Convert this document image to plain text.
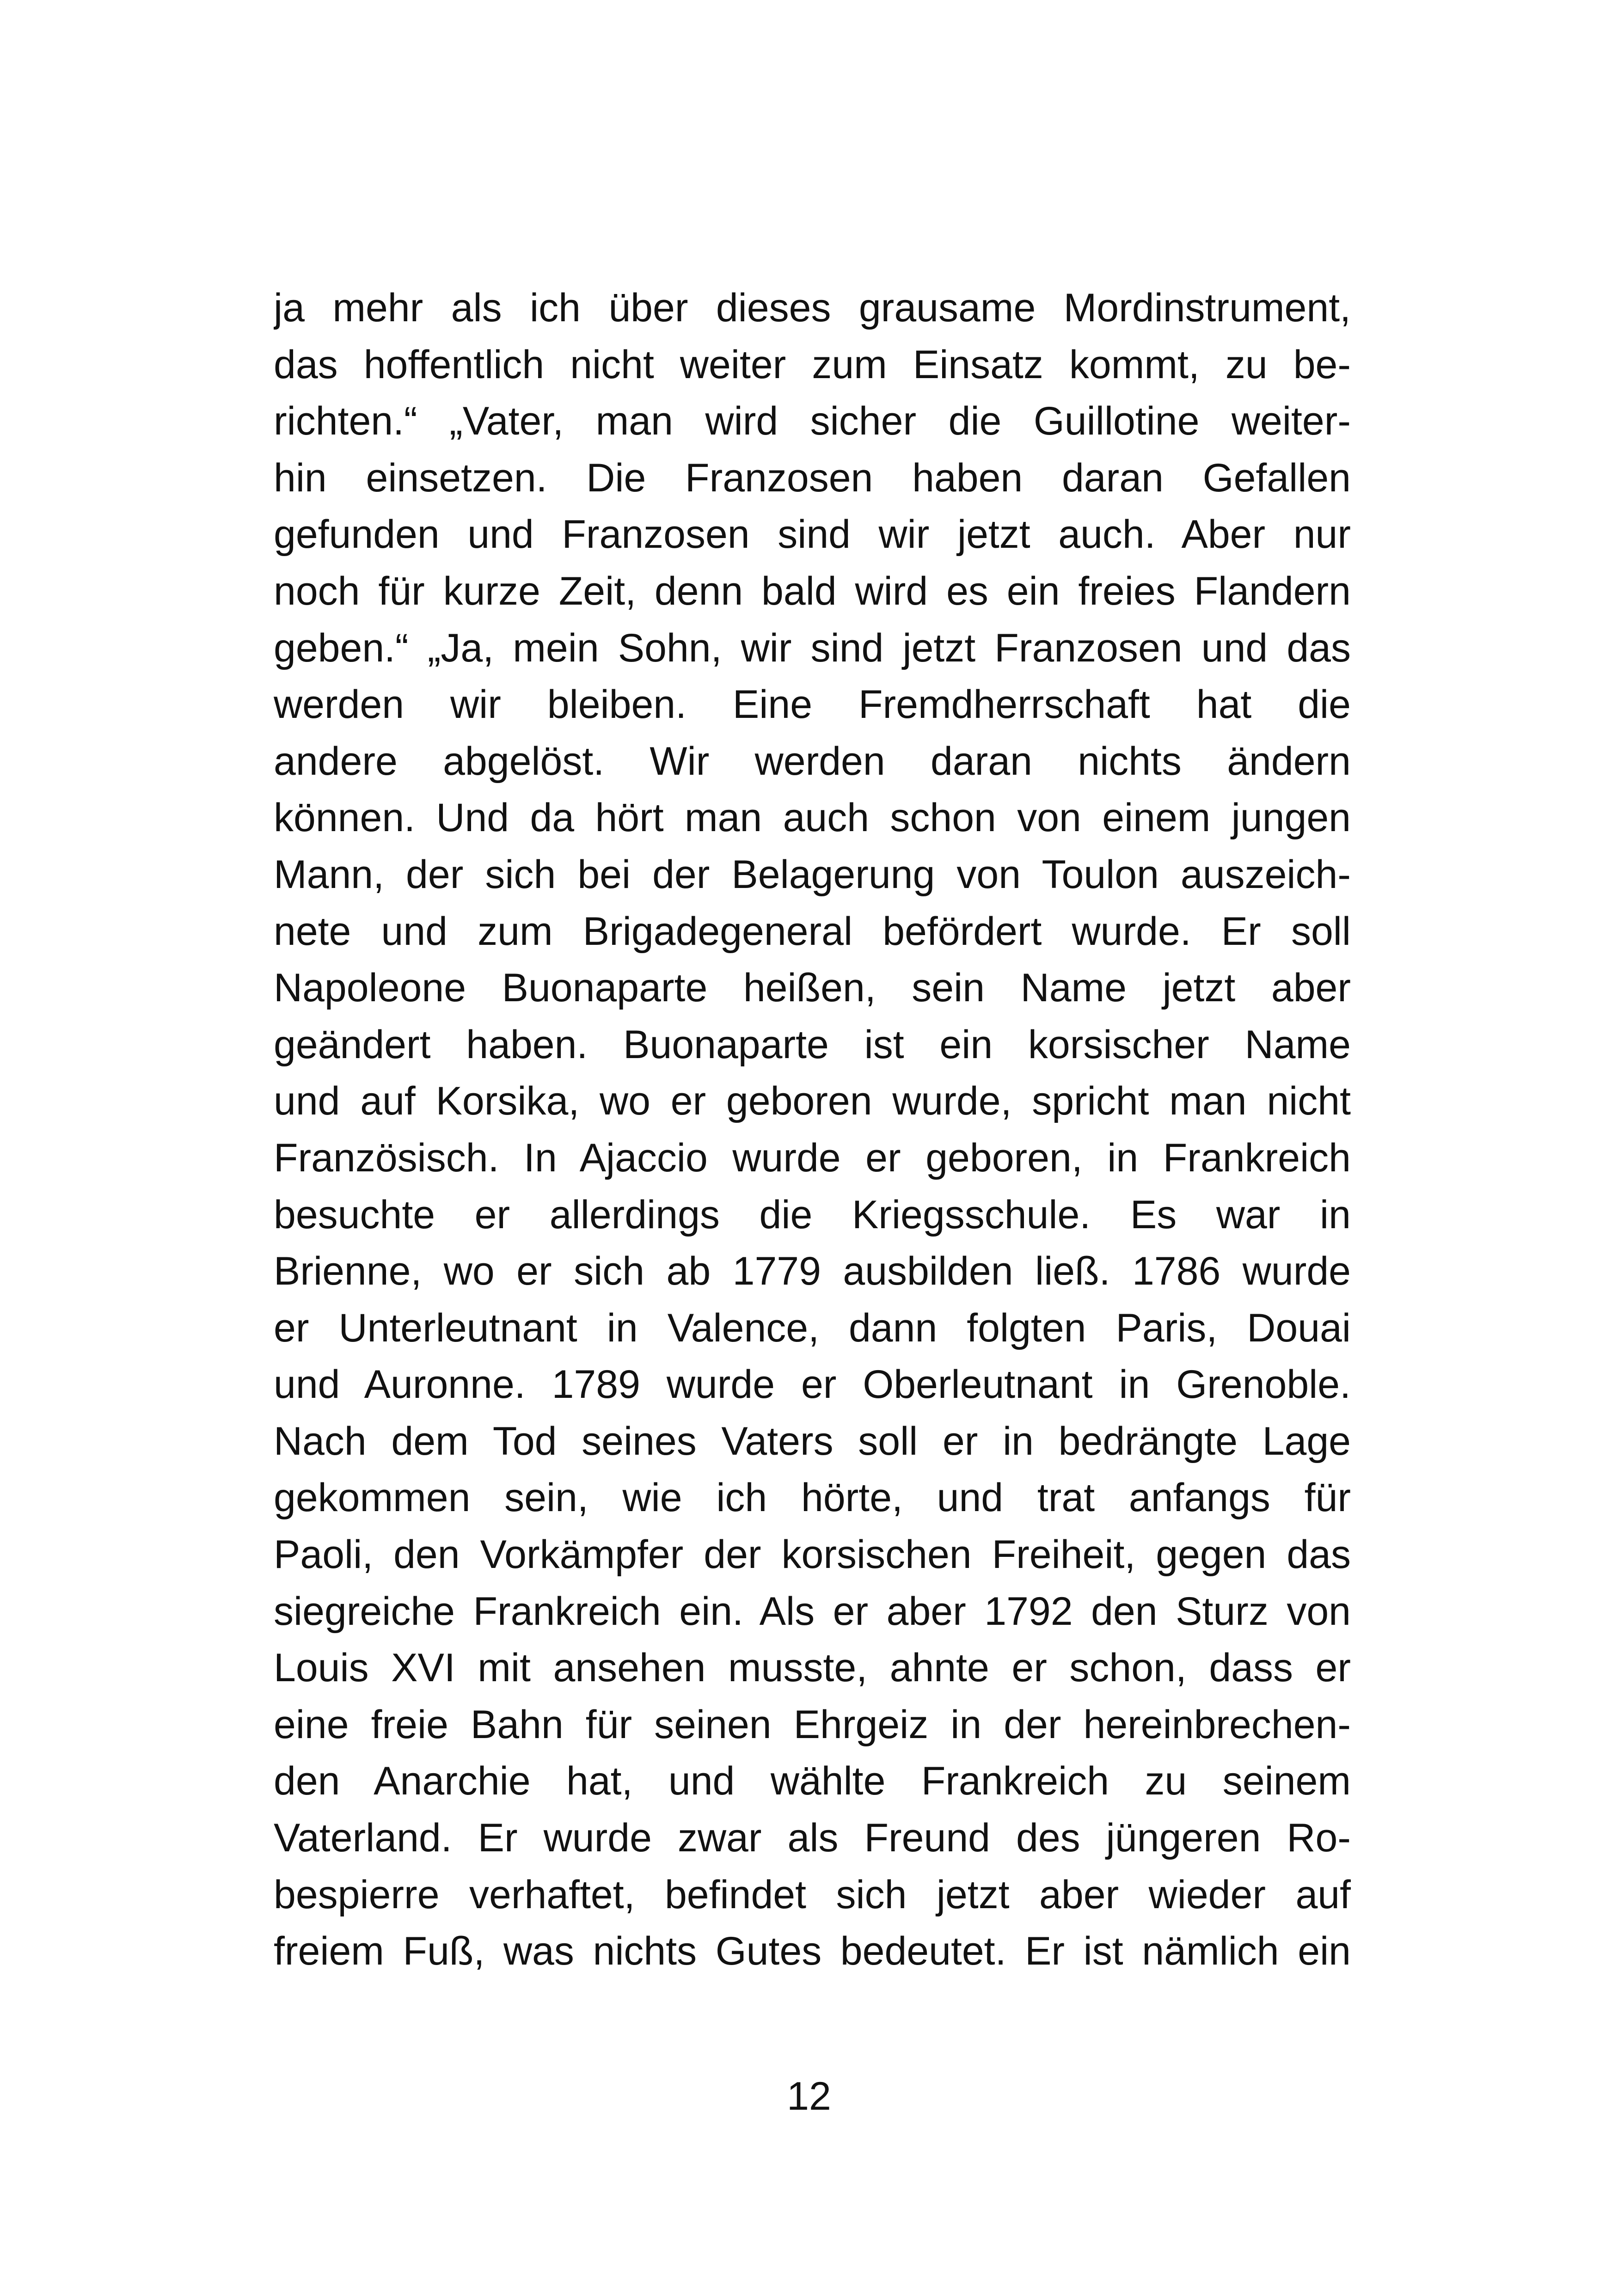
ja mehr als ich über dieses grausame Mordinstrument,
das hoffentlich nicht weiter zum Einsatz kommt, zu be-
richten.“ „Vater, man wird sicher die Guillotine weiter-
hin einsetzen. Die Franzosen haben daran Gefallen
gefunden und Franzosen sind wir jetzt auch. Aber nur
noch für kurze Zeit, denn bald wird es ein freies Flandern
geben.“ „Ja, mein Sohn, wir sind jetzt Franzosen und das
werden wir bleiben. Eine Fremdherrschaft hat die
andere abgelöst. Wir werden daran nichts ändern
können. Und da hört man auch schon von einem jungen
Mann, der sich bei der Belagerung von Toulon auszeich-
nete und zum Brigadegeneral befördert wurde. Er soll
Napoleone Buonaparte heißen, sein Name jetzt aber
geändert haben. Buonaparte ist ein korsischer Name
und auf Korsika, wo er geboren wurde, spricht man nicht
Französisch. In Ajaccio wurde er geboren, in Frankreich
besuchte er allerdings die Kriegsschule. Es war in
Brienne, wo er sich ab 1779 ausbilden ließ. 1786 wurde
er Unterleutnant in Valence, dann folgten Paris, Douai
und Auronne. 1789 wurde er Oberleutnant in Grenoble.
Nach dem Tod seines Vaters soll er in bedrängte Lage
gekommen sein, wie ich hörte, und trat anfangs für
Paoli, den Vorkämpfer der korsischen Freiheit, gegen das
siegreiche Frankreich ein. Als er aber 1792 den Sturz von
Louis XVI mit ansehen musste, ahnte er schon, dass er
eine freie Bahn für seinen Ehrgeiz in der hereinbrechen-
den Anarchie hat, und wählte Frankreich zu seinem
Vaterland. Er wurde zwar als Freund des jüngeren Ro-
bespierre verhaftet, befindet sich jetzt aber wieder auf
freiem Fuß, was nichts Gutes bedeutet. Er ist nämlich ein
12
